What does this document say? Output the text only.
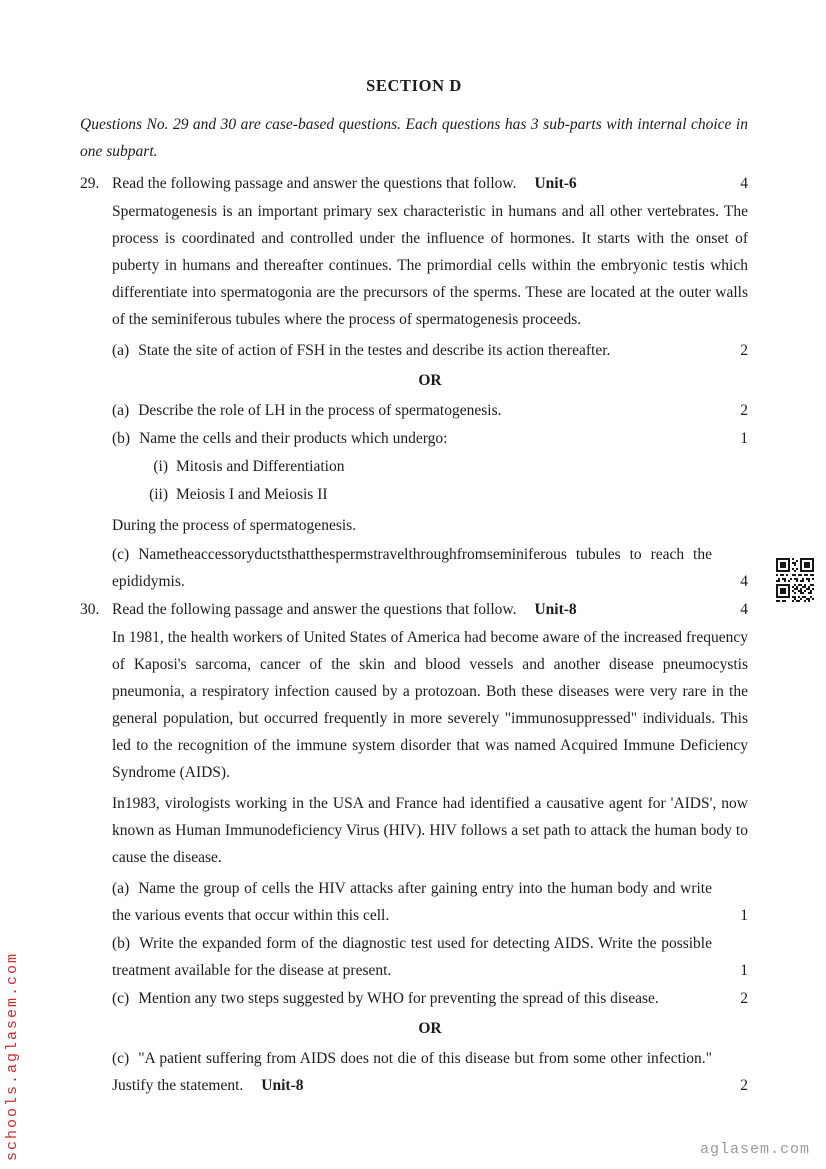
schools.aglasem.com	aglasem.com
SECTION D

Questions No. 29 and 30 are case-based questions. Each questions has 3 sub-parts with internal choice in one subpart.

29. Read the following passage and answer the questions that follow. Unit-6	4

Spermatogenesis is an important primary sex characteristic in humans and all other vertebrates. The process is coordinated and controlled under the influence of hormones. It starts with the onset of puberty in humans and thereafter continues. The primordial cells within the embryonic testis which differentiate into spermatogonia are the precursors of the sperms. These are located at the outer walls of the seminiferous tubules where the process of spermatogenesis proceeds.

(a) State the site of action of FSH in the testes and describe its action thereafter.	2
OR
(a) Describe the role of LH in the process of spermatogenesis.	2
(b) Name the cells and their products which undergo:	1
(i) Mitosis and Differentiation
(ii) Meiosis I and Meiosis II
During the process of spermatogenesis.
(c) Nametheaccessoryductsthatthespermstravelthroughfromseminiferous tubules to reach the epididymis.	4
30. Read the following passage and answer the questions that follow. Unit-8	4

In 1981, the health workers of United States of America had become aware of the increased frequency of Kaposi's sarcoma, cancer of the skin and blood vessels and another disease pneumocystis pneumonia, a respiratory infection caused by a protozoan. Both these diseases were very rare in the general population, but occurred frequently in more severely "immunosuppressed" individuals. This led to the recognition of the immune system disorder that was named Acquired Immune Deficiency Syndrome (AIDS).

In1983, virologists working in the USA and France had identified a causative agent for 'AIDS', now known as Human Immunodeficiency Virus (HIV). HIV follows a set path to attack the human body to cause the disease.

(a) Name the group of cells the HIV attacks after gaining entry into the human body and write the various events that occur within this cell.	1
(b) Write the expanded form of the diagnostic test used for detecting AIDS. Write the possible treatment available for the disease at present.	1
(c) Mention any two steps suggested by WHO for preventing the spread of this disease.	2
OR
(c) "A patient suffering from AIDS does not die of this disease but from some other infection." Justify the statement. Unit-8	2
